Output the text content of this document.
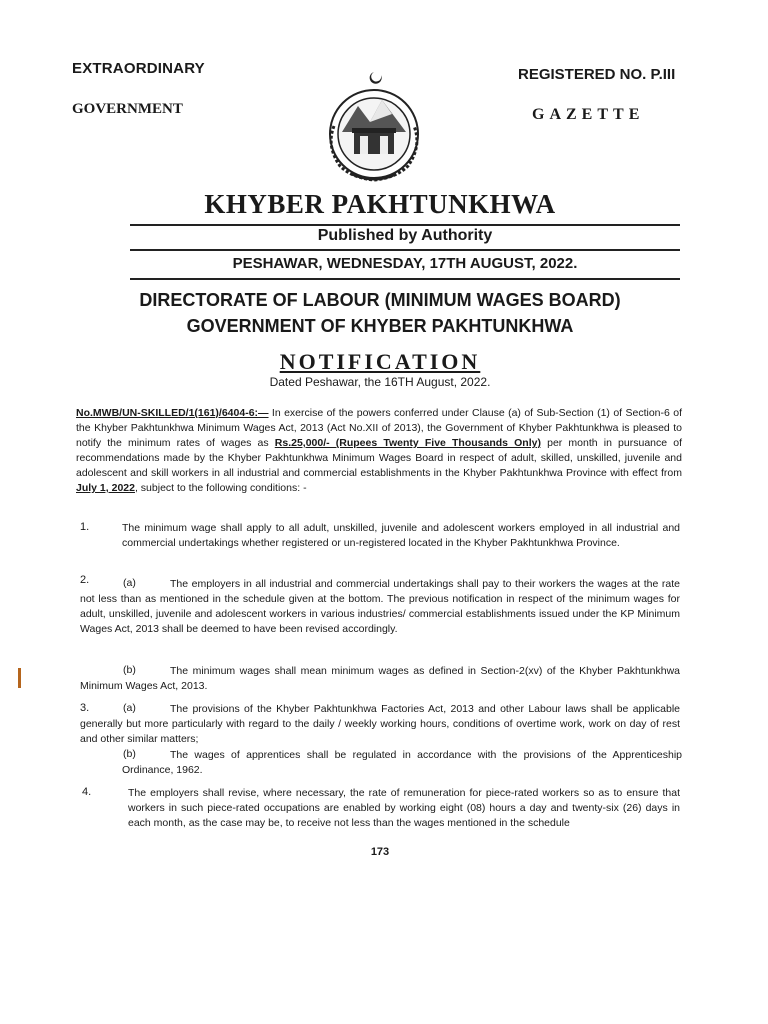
EXTRAORDINARY
GOVERNMENT
REGISTERED NO. P.III
GAZETTE
KHYBER PAKHTUNKHWA
Published by Authority
PESHAWAR, WEDNESDAY, 17TH AUGUST, 2022.
DIRECTORATE OF LABOUR (MINIMUM WAGES BOARD)
GOVERNMENT OF KHYBER PAKHTUNKHWA
NOTIFICATION
Dated Peshawar, the 16TH August, 2022.
No.MWB/UN-SKILLED/1(161)/6404-6:— In exercise of the powers conferred under Clause (a) of Sub-Section (1) of Section-6 of the Khyber Pakhtunkhwa Minimum Wages Act, 2013 (Act No.XII of 2013), the Government of Khyber Pakhtunkhwa is pleased to notify the minimum rates of wages as Rs.25,000/- (Rupees Twenty Five Thousands Only) per month in pursuance of recommendations made by the Khyber Pakhtunkhwa Minimum Wages Board in respect of adult, skilled, unskilled, juvenile and adolescent and skill workers in all industrial and commercial establishments in the Khyber Pakhtunkhwa Province with effect from July 1, 2022, subject to the following conditions: -
1.	The minimum wage shall apply to all adult, unskilled, juvenile and adolescent workers employed in all industrial and commercial undertakings whether registered or un-registered located in the Khyber Pakhtunkhwa Province.
2.	(a)	The employers in all industrial and commercial undertakings shall pay to their workers the wages at the rate not less than as mentioned in the schedule given at the bottom. The previous notification in respect of the minimum wages for adult, unskilled, juvenile and adolescent workers in various industries/ commercial establishments issued under the KP Minimum Wages Act, 2013 shall be deemed to have been revised accordingly.
(b)	The minimum wages shall mean minimum wages as defined in Section-2(xv) of the Khyber Pakhtunkhwa Minimum Wages Act, 2013.
3.	(a)	The provisions of the Khyber Pakhtunkhwa Factories Act, 2013 and other Labour laws shall be applicable generally but more particularly with regard to the daily / weekly working hours, conditions of overtime work, work on day of rest and other similar matters;
(b)	The wages of apprentices shall be regulated in accordance with the provisions of the Apprenticeship Ordinance, 1962.
4.	The employers shall revise, where necessary, the rate of remuneration for piece-rated workers so as to ensure that workers in such piece-rated occupations are enabled by working eight (08) hours a day and twenty-six (26) days in each month, as the case may be, to receive not less than the wages mentioned in the schedule
173
